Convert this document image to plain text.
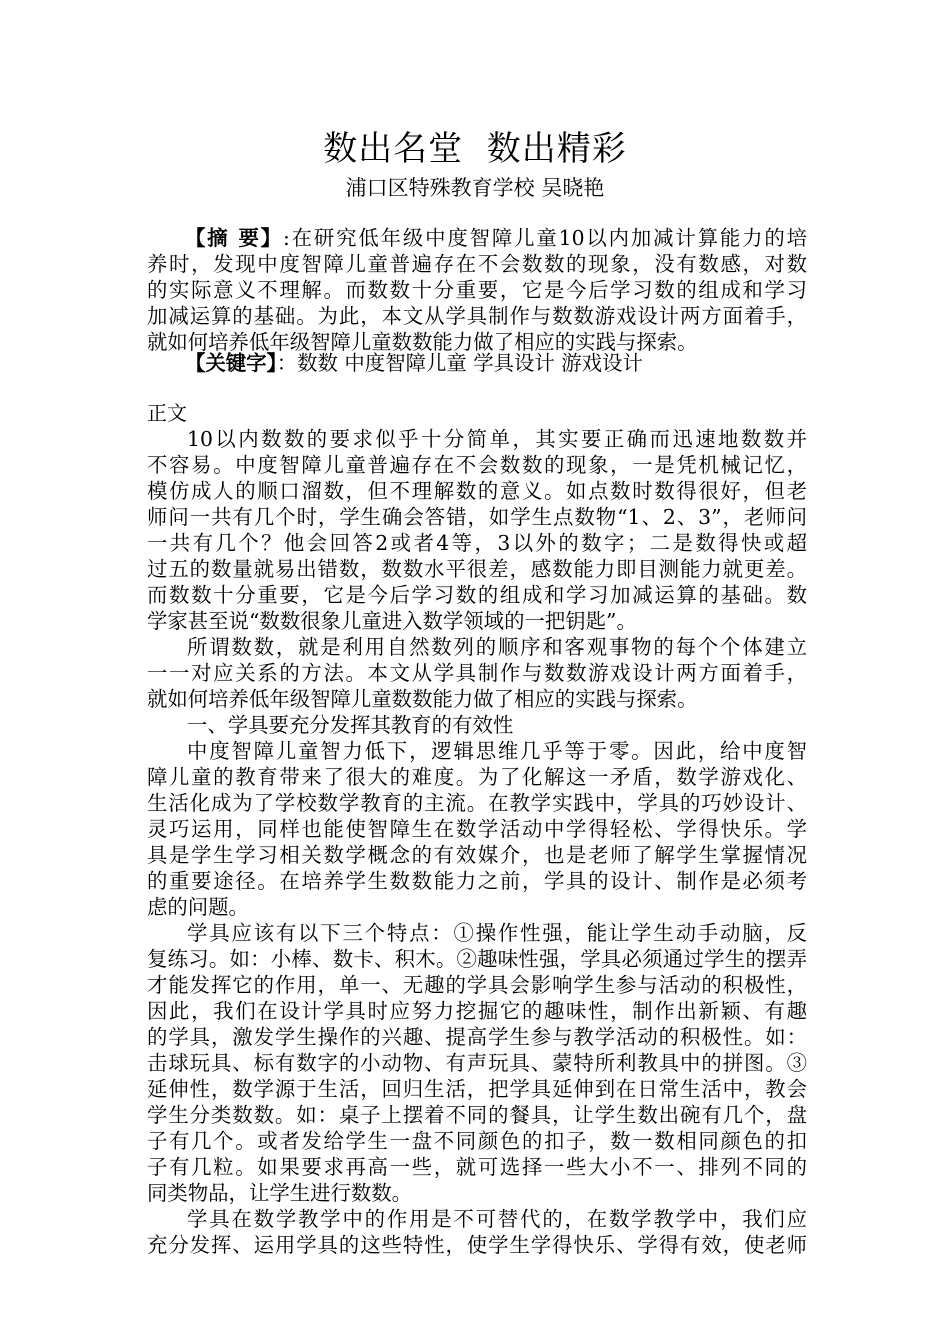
数出名堂  数出精彩
浦口区特殊教育学校 吴晓艳
【摘 要】:在研究低年级中度智障儿童10以内加减计算能力的培
养时，发现中度智障儿童普遍存在不会数数的现象，没有数感，对数
的实际意义不理解。而数数十分重要，它是今后学习数的组成和学习
加减运算的基础。为此，本文从学具制作与数数游戏设计两方面着手，
就如何培养低年级智障儿童数数能力做了相应的实践与探索。
【关键字】：数数 中度智障儿童 学具设计 游戏设计
正文
10以内数数的要求似乎十分简单，其实要正确而迅速地数数并
不容易。中度智障儿童普遍存在不会数数的现象，一是凭机械记忆，
模仿成人的顺口溜数，但不理解数的意义。如点数时数得很好，但老
师问一共有几个时，学生确会答错，如学生点数物“1、2、3”，老师问
一共有几个？他会回答2或者4等，3以外的数字；二是数得快或超
过五的数量就易出错数，数数水平很差，感数能力即目测能力就更差。
而数数十分重要，它是今后学习数的组成和学习加减运算的基础。数
学家甚至说“数数很象儿童进入数学领域的一把钥匙”。
所谓数数，就是利用自然数列的顺序和客观事物的每个个体建立
一一对应关系的方法。本文从学具制作与数数游戏设计两方面着手，
就如何培养低年级智障儿童数数能力做了相应的实践与探索。
一、学具要充分发挥其教育的有效性
中度智障儿童智力低下，逻辑思维几乎等于零。因此，给中度智
障儿童的教育带来了很大的难度。为了化解这一矛盾，数学游戏化、
生活化成为了学校数学教育的主流。在教学实践中，学具的巧妙设计、
灵巧运用，同样也能使智障生在数学活动中学得轻松、学得快乐。学
具是学生学习相关数学概念的有效媒介，也是老师了解学生掌握情况
的重要途径。在培养学生数数能力之前，学具的设计、制作是必须考
虑的问题。
学具应该有以下三个特点：①操作性强，能让学生动手动脑，反
复练习。如：小棒、数卡、积木。②趣味性强，学具必须通过学生的摆弄
才能发挥它的作用，单一、无趣的学具会影响学生参与活动的积极性，
因此，我们在设计学具时应努力挖掘它的趣味性，制作出新颖、有趣
的学具，激发学生操作的兴趣、提高学生参与教学活动的积极性。如：
击球玩具、标有数字的小动物、有声玩具、蒙特所利教具中的拼图。③
延伸性，数学源于生活，回归生活，把学具延伸到在日常生活中，教会
学生分类数数。如：桌子上摆着不同的餐具，让学生数出碗有几个，盘
子有几个。或者发给学生一盘不同颜色的扣子，数一数相同颜色的扣
子有几粒。如果要求再高一些，就可选择一些大小不一、排列不同的
同类物品，让学生进行数数。
学具在数学教学中的作用是不可替代的，在数学教学中，我们应
充分发挥、运用学具的这些特性，使学生学得快乐、学得有效，使老师
